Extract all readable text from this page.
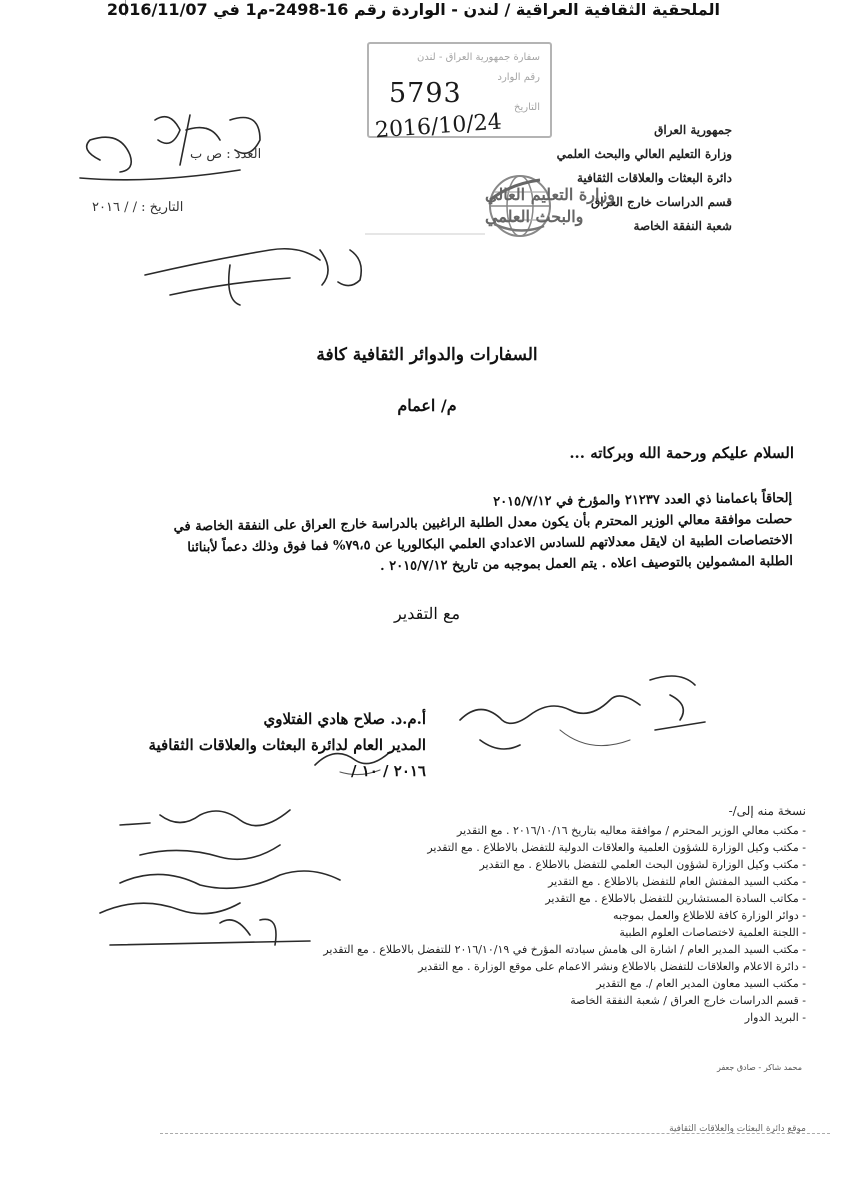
الملحقية الثقافية العراقية / لندن - الواردة رقم 16-2498-م1 في 2016/11/07
سفارة جمهورية العراق - لندن
رقم الوارد
التاريخ
5793
2016/10/24	جمهورية العراق
وزارة التعليم العالي والبحث العلمي
دائرة البعثات والعلاقات الثقافية
قسم الدراسات خارج العراق
شعبة النفقة الخاصة
وزارة التعليم العالي
والبحث العلمي
العدد : ص ب
التاريخ : / / ٢٠١٦
السفارات والدوائر الثقافية كافة
م/ اعمام
السلام عليكم ورحمة الله وبركاته ...

إلحاقاً باعمامنا ذي العدد ٢١٢٣٧ والمؤرخ في ٢٠١٥/٧/١٢

حصلت موافقة معالي الوزير المحترم بأن يكون معدل الطلبة الراغبين بالدراسة خارج العراق على النفقة الخاصة في

الاختصاصات الطبية ان لايقل معدلاتهم للسادس الاعدادي العلمي البكالوريا عن ٧٩،٥% فما فوق وذلك دعماً لأبنائنا

الطلبة المشمولين بالتوصيف اعلاه . يتم العمل بموجبه من تاريخ ٢٠١٥/٧/١٢ .

مع التقدير
أ.م.د. صلاح هادي الفتلاوي
المدير العام لدائرة البعثات والعلاقات الثقافية
٢٠١٦ / ١٠ /
نسخة منه إلى/-
- مكتب معالي الوزير المحترم / موافقة معاليه بتاريخ ٢٠١٦/١٠/١٦ . مع التقدير
- مكتب وكيل الوزارة للشؤون العلمية والعلاقات الدولية للتفضل بالاطلاع . مع التقدير
- مكتب وكيل الوزارة لشؤون البحث العلمي للتفضل بالاطلاع . مع التقدير
- مكتب السيد المفتش العام للتفضل بالاطلاع . مع التقدير
- مكاتب السادة المستشارين للتفضل بالاطلاع . مع التقدير
- دوائر الوزارة كافة للاطلاع والعمل بموجبه
- اللجنة العلمية لاختصاصات العلوم الطبية
- مكتب السيد المدير العام / اشارة الى هامش سيادته المؤرخ في ٢٠١٦/١٠/١٩ للتفضل بالاطلاع . مع التقدير
- دائرة الاعلام والعلاقات للتفضل بالاطلاع ونشر الاعمام على موقع الوزارة . مع التقدير
- مكتب السيد معاون المدير العام /. مع التقدير
- قسم الدراسات خارج العراق / شعبة النفقة الخاصة
- البريد الدوار
محمد شاكر - صادق جعفر
موقع دائرة البعثات والعلاقات الثقافية
